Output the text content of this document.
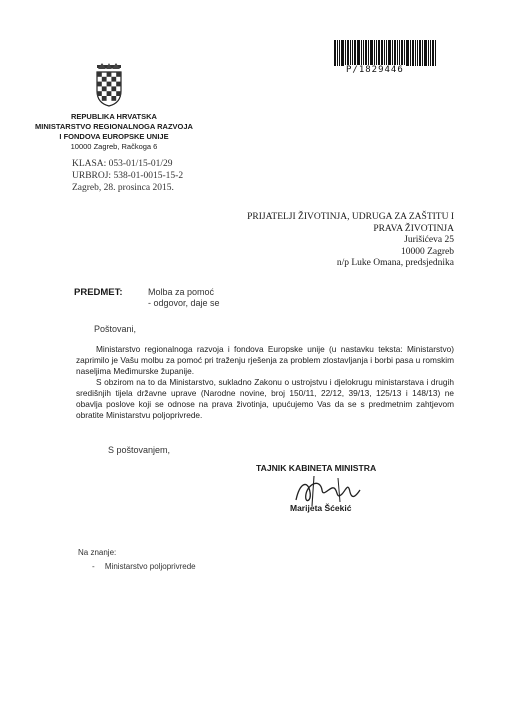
P/1829446
REPUBLIKA HRVATSKA
MINISTARSTVO REGIONALNOGA RAZVOJA
I FONDOVA EUROPSKE UNIJE
10000 Zagreb, Račkoga 6
KLASA: 053-01/15-01/29
URBROJ: 538-01-0015-15-2
Zagreb, 28. prosinca 2015.
PRIJATELJI ŽIVOTINJA, UDRUGA ZA ZAŠTITU I
PRAVA ŽIVOTINJA
Jurišićeva 25
10000 Zagreb
n/p Luke Omana, predsjednika
PREDMET:	Molba za pomoć
- odgovor, daje se
Poštovani,

Ministarstvo regionalnoga razvoja i fondova Europske unije (u nastavku teksta: Ministarstvo) zaprimilo je Vašu molbu za pomoć pri traženju rješenja za problem zlostavljanja i borbi pasa u romskim naseljima Međimurske županije.

S obzirom na to da Ministarstvo, sukladno Zakonu o ustrojstvu i djelokrugu ministarstava i drugih središnjih tijela državne uprave (Narodne novine, broj 150/11, 22/12, 39/13, 125/13 i 148/13) ne obavlja poslove koji se odnose na prava životinja, upućujemo Vas da se s predmetnim zahtjevom obratite Ministarstvu poljoprivrede.

S poštovanjem,
TAJNIK KABINETA MINISTRA
Marijeta Šćekić
Na znanje:
- Ministarstvo poljoprivrede
